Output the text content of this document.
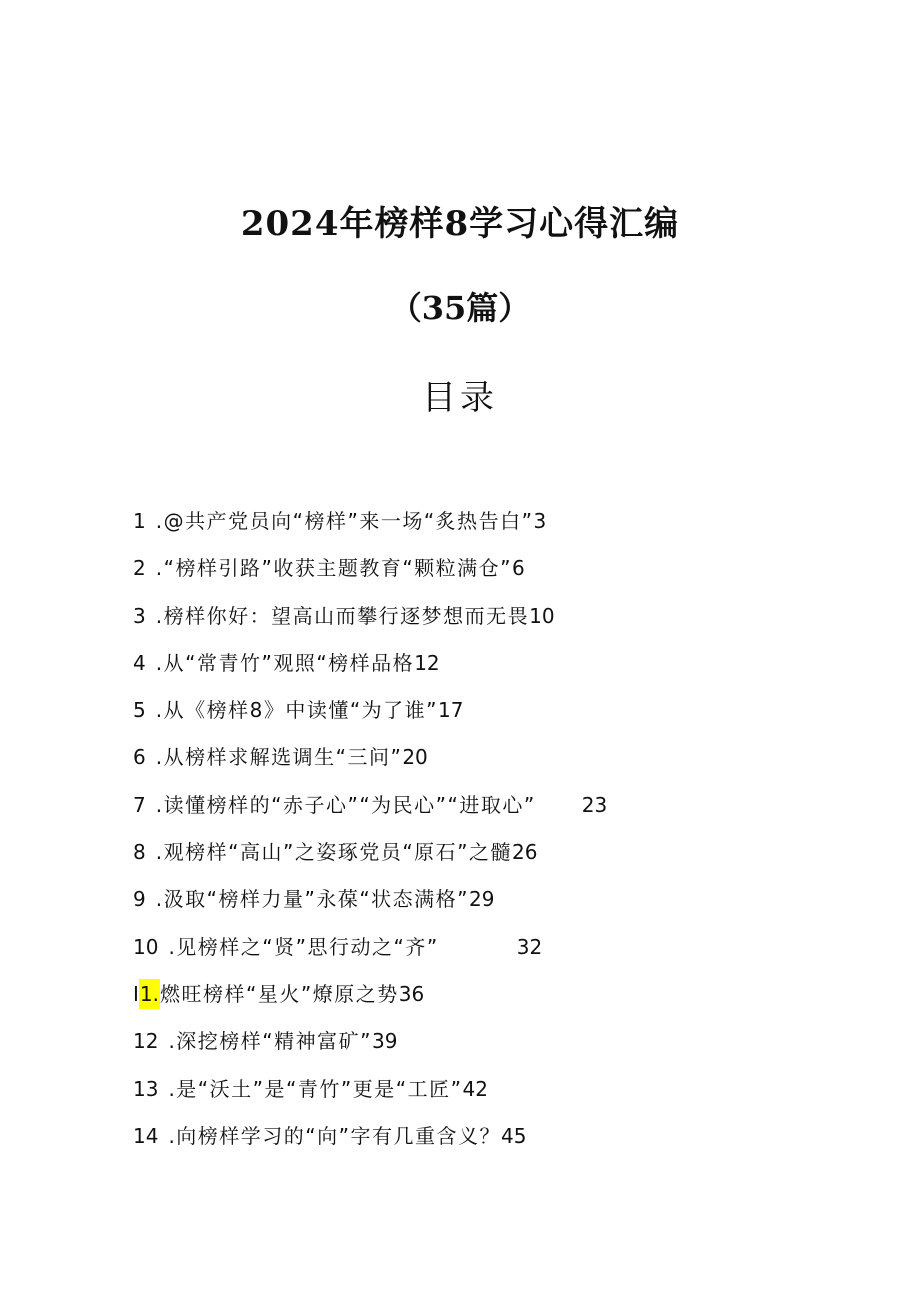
2024年榜样8学习心得汇编
（35篇）
目录
1 .@共产党员向“榜样”来一场“炙热告白”3
2 .“榜样引路”收获主题教育“颗粒满仓”6
3 .榜样你好：望高山而攀行逐梦想而无畏10
4 .从“常青竹”观照“榜样品格12
5 .从《榜样8》中读懂“为了谁”17
6 .从榜样求解选调生“三问”20
7 .读懂榜样的“赤子心”“为民心”“进取心” 23
8 .观榜样“高山”之姿琢党员“原石”之髓26
9 .汲取“榜样力量”永葆“状态满格”29
10 .见榜样之“贤”思行动之“齐”	32
I1.燃旺榜样“星火”燎原之势36
12 .深挖榜样“精神富矿”39
13 .是“沃土”是“青竹”更是“工匠”42
14 .向榜样学习的“向”字有几重含义？45
